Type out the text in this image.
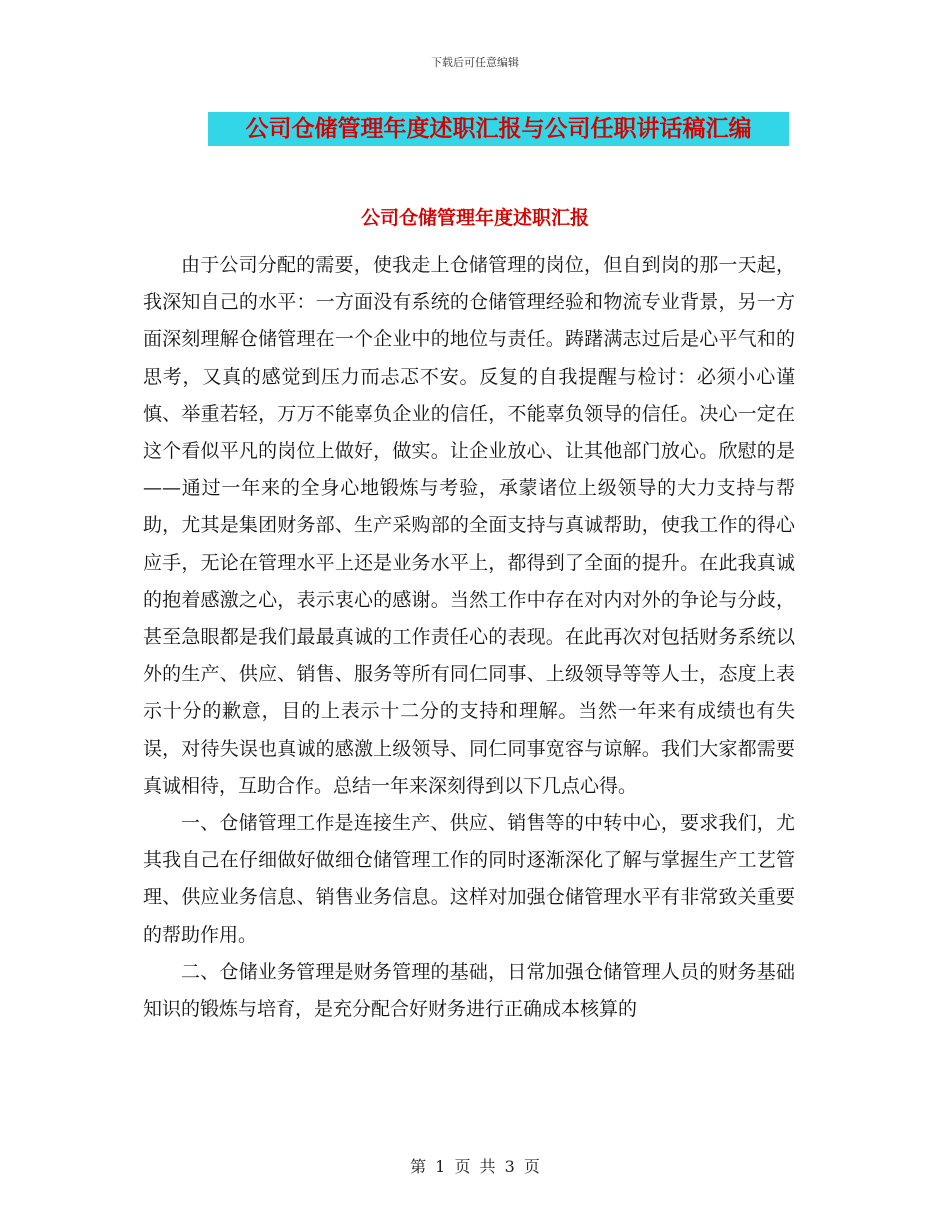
下载后可任意编辑
公司仓储管理年度述职汇报与公司任职讲话稿汇编
公司仓储管理年度述职汇报

由于公司分配的需要，使我走上仓储管理的岗位，但自到岗的那一天起，我深知自己的水平：一方面没有系统的仓储管理经验和物流专业背景，另一方面深刻理解仓储管理在一个企业中的地位与责任。踌躇满志过后是心平气和的思考，又真的感觉到压力而忐忑不安。反复的自我提醒与检讨：必须小心谨慎、举重若轻，万万不能辜负企业的信任，不能辜负领导的信任。决心一定在这个看似平凡的岗位上做好，做实。让企业放心、让其他部门放心。欣慰的是——通过一年来的全身心地锻炼与考验，承蒙诸位上级领导的大力支持与帮助，尤其是集团财务部、生产采购部的全面支持与真诚帮助，使我工作的得心应手，无论在管理水平上还是业务水平上，都得到了全面的提升。在此我真诚的抱着感激之心，表示衷心的感谢。当然工作中存在对内对外的争论与分歧，甚至急眼都是我们最最真诚的工作责任心的表现。在此再次对包括财务系统以外的生产、供应、销售、服务等所有同仁同事、上级领导等等人士，态度上表示十分的歉意，目的上表示十二分的支持和理解。当然一年来有成绩也有失误，对待失误也真诚的感激上级领导、同仁同事宽容与谅解。我们大家都需要真诚相待，互助合作。总结一年来深刻得到以下几点心得。

一、仓储管理工作是连接生产、供应、销售等的中转中心，要求我们，尤其我自己在仔细做好做细仓储管理工作的同时逐渐深化了解与掌握生产工艺管理、供应业务信息、销售业务信息。这样对加强仓储管理水平有非常致关重要的帮助作用。

二、仓储业务管理是财务管理的基础，日常加强仓储管理人员的财务基础知识的锻炼与培育，是充分配合好财务进行正确成本核算的

第 1 页 共 3 页
